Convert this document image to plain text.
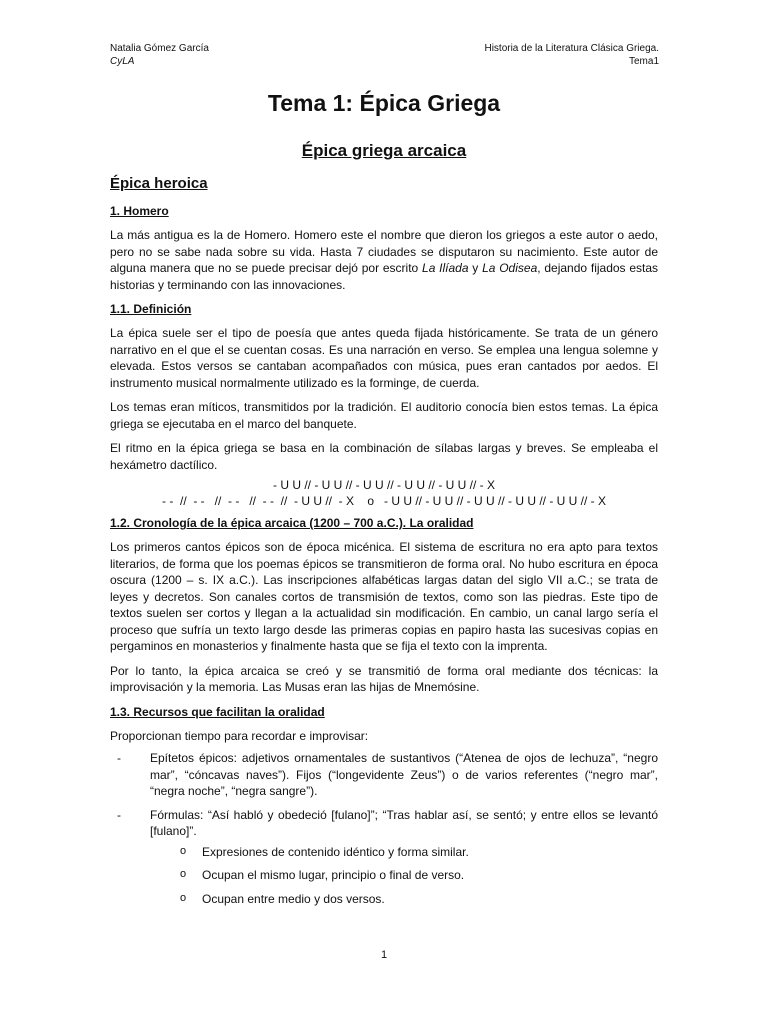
Natalia Gómez García
CyLA
Historia de la Literatura Clásica Griega.
Tema1
Tema 1: Épica Griega
Épica griega arcaica
Épica heroica
1. Homero

La más antigua es la de Homero. Homero este el nombre que dieron los griegos a este autor o aedo, pero no se sabe nada sobre su vida. Hasta 7 ciudades se disputaron su nacimiento. Este autor de alguna manera que no se puede precisar dejó por escrito La Ilíada y La Odisea, dejando fijados estas historias y terminando con las innovaciones.

1.1. Definición

La épica suele ser el tipo de poesía que antes queda fijada históricamente. Se trata de un género narrativo en el que el se cuentan cosas. Es una narración en verso. Se emplea una lengua solemne y elevada. Estos versos se cantaban acompañados con música, pues eran cantados por aedos. El instrumento musical normalmente utilizado es la forminge, de cuerda.

Los temas eran míticos, transmitidos por la tradición. El auditorio conocía bien estos temas. La épica griega se ejecutaba en el marco del banquete.

El ritmo en la épica griega se basa en la combinación de sílabas largas y breves. Se empleaba el hexámetro dactílico.

- U U // - U U // - U U // - U U // - U U // - X
- -  //  - -   //  - -   //  - -  //  - U U //  - X    o   - U U // - U U // - U U // - U U // - U U // - X
1.2. Cronología de la épica arcaica (1200 – 700 a.C.). La oralidad

Los primeros cantos épicos son de época micénica. El sistema de escritura no era apto para textos literarios, de forma que los poemas épicos se transmitieron de forma oral. No hubo escritura en época oscura (1200 – s. IX a.C.). Las inscripciones alfabéticas largas datan del siglo VII a.C.; se trata de leyes y decretos. Son canales cortos de transmisión de textos, como son las piedras. Este tipo de textos suelen ser cortos y llegan a la actualidad sin modificación. En cambio, un canal largo sería el proceso que sufría un texto largo desde las primeras copias en papiro hasta las sucesivas copias en pergaminos en monasterios y finalmente hasta que se fija el texto con la imprenta.

Por lo tanto, la épica arcaica se creó y se transmitió de forma oral mediante dos técnicas: la improvisación y la memoria. Las Musas eran las hijas de Mnemósine.

1.3. Recursos que facilitan la oralidad

Proporcionan tiempo para recordar e improvisar:

- Epítetos épicos: adjetivos ornamentales de sustantivos (“Atenea de ojos de lechuza”, “negro mar”, “cóncavas naves”). Fijos (“longevidente Zeus”) o de varios referentes (“negro mar”, “negra noche”, “negra sangre”).
- Fórmulas: “Así habló y obedeció [fulano]”; “Tras hablar así, se sentó; y entre ellos se levantó [fulano]”.
o Expresiones de contenido idéntico y forma similar.
o Ocupan el mismo lugar, principio o final de verso.
o Ocupan entre medio y dos versos.
1
